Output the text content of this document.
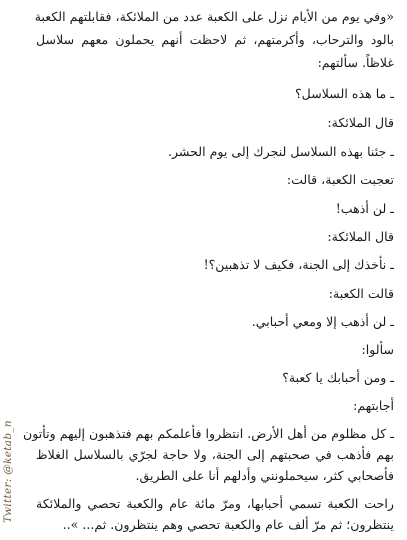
«وفي يوم من الأيام نزل على الكعبة عدد من الملائكة، فقابلتهم الكعبة
بالود والترحاب، وأكرمتهم، ثم لاحظت أنهم يحملون معهم سلاسل
غلاظاً. سألتهم:
ـ ما هذه السلاسل؟
قال الملائكة:
ـ جئنا بهذه السلاسل لنجرك إلى يوم الحشر.
تعجبت الكعبة، قالت:
ـ لن أذهب!
قال الملائكة:
ـ نأخذك إلى الجنة، فكيف لا تذهبين؟!
قالت الكعبة:
ـ لن أذهب إلا ومعي أحبابي.
سألوا:
ـ ومن أحبابك يا كعبة؟
أجابتهم:
ـ كل مظلوم من أهل الأرض. انتظروا فأعلمكم بهم فتذهبون إليهم وتأتون
بهم فأذهب في صحبتهم إلى الجنة، ولا حاجة لجرّي بالسلاسل الغلاظ
فأصحابي كثر، سيحملونني وأدلهم أنا على الطريق.
راحت الكعبة تسمي أحبابها، ومرّ مائة عام والكعبة تحصي والملائكة
ينتظرون؛ ثم مرّ ألف عام والكعبة تحصي وهم ينتظرون. ثم... »..
Twitter: @ketab_n
